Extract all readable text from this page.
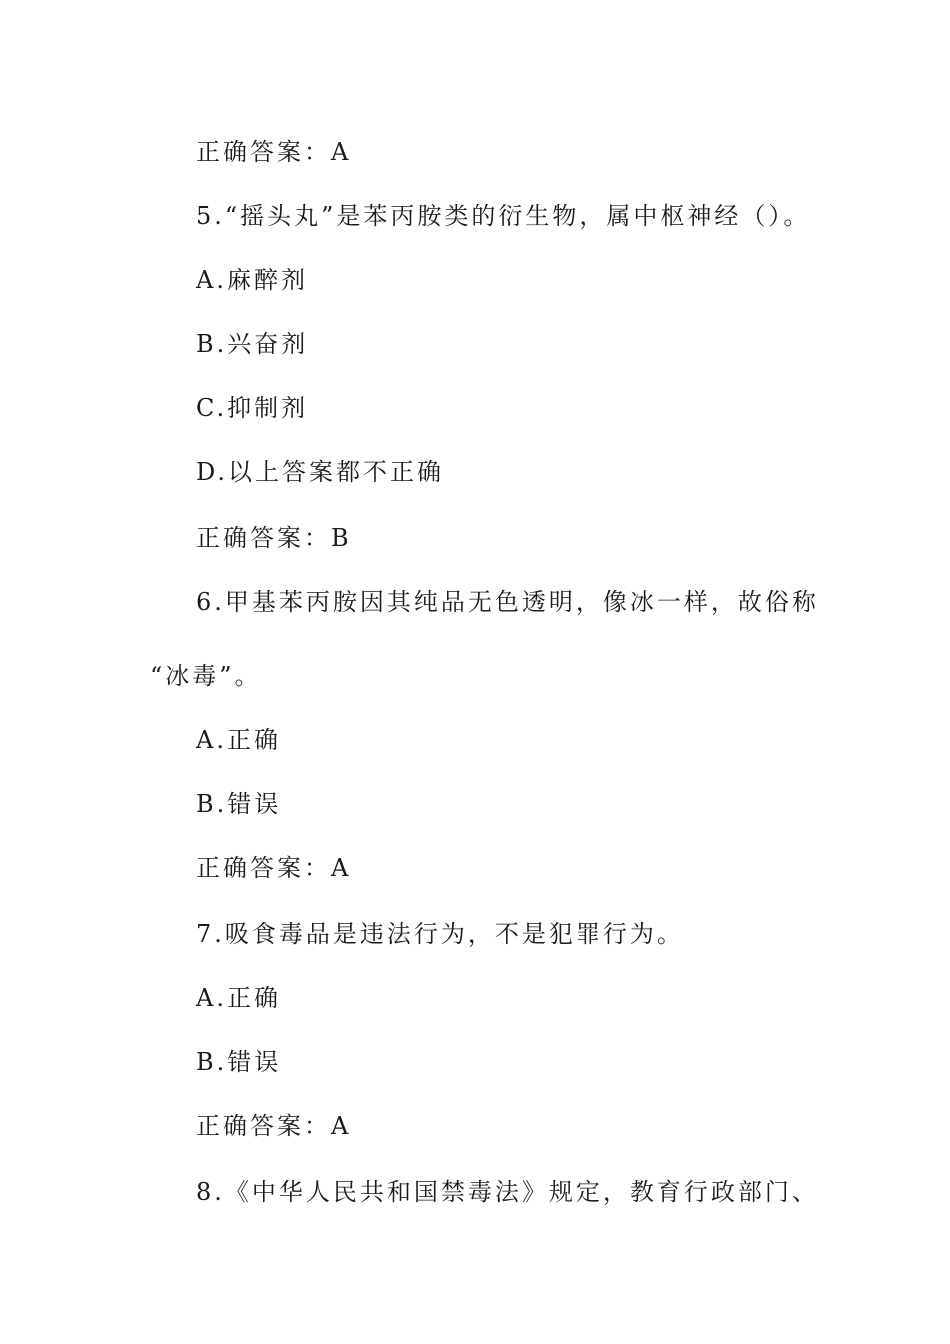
正确答案：A
5.“摇头丸”是苯丙胺类的衍生物，属中枢神经（）。
A.麻醉剂
B.兴奋剂
C.抑制剂
D.以上答案都不正确
正确答案：B
6.甲基苯丙胺因其纯品无色透明，像冰一样，故俗称
“冰毒”。
A.正确
B.错误
正确答案：A
7.吸食毒品是违法行为，不是犯罪行为。
A.正确
B.错误
正确答案：A
8.《中华人民共和国禁毒法》规定，教育行政部门、
